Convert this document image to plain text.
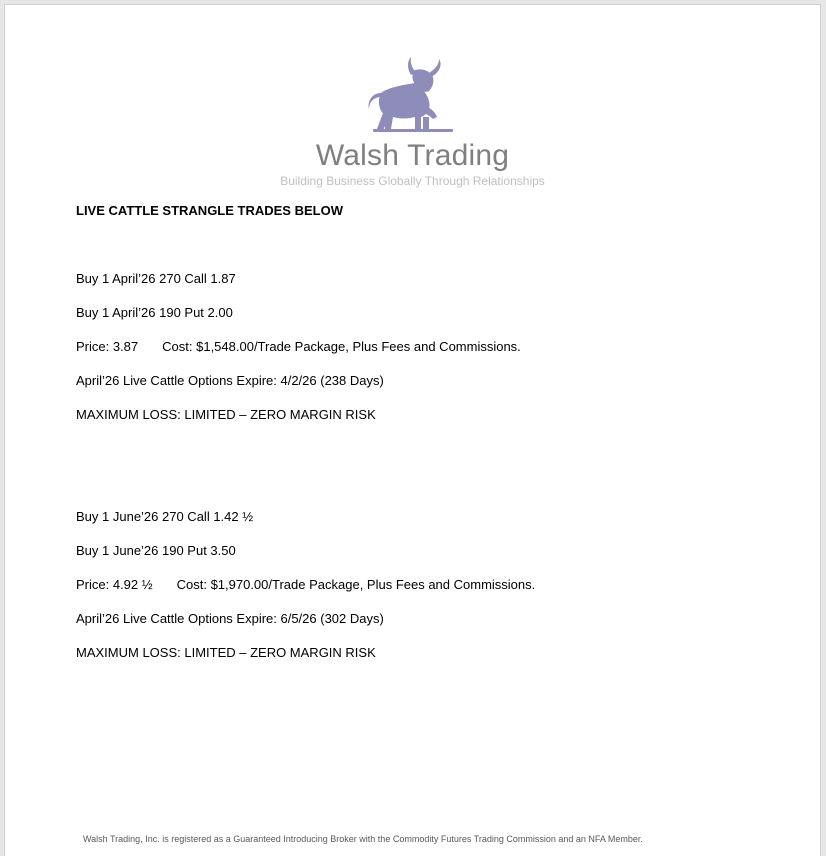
Walsh Trading
Building Business Globally Through Relationships
LIVE CATTLE STRANGLE TRADES BELOW
Buy 1 April’26 270 Call 1.87
Buy 1 April’26 190 Put 2.00
Price: 3.87 Cost: $1,548.00/Trade Package, Plus Fees and Commissions.
April’26 Live Cattle Options Expire: 4/2/26 (238 Days)
MAXIMUM LOSS: LIMITED – ZERO MARGIN RISK
Buy 1 June’26 270 Call 1.42 ½
Buy 1 June’26 190 Put 3.50
Price: 4.92 ½ Cost: $1,970.00/Trade Package, Plus Fees and Commissions.
April’26 Live Cattle Options Expire: 6/5/26 (302 Days)
MAXIMUM LOSS: LIMITED – ZERO MARGIN RISK
Walsh Trading, Inc. is registered as a Guaranteed Introducing Broker with the Commodity Futures Trading Commission and an NFA Member.
